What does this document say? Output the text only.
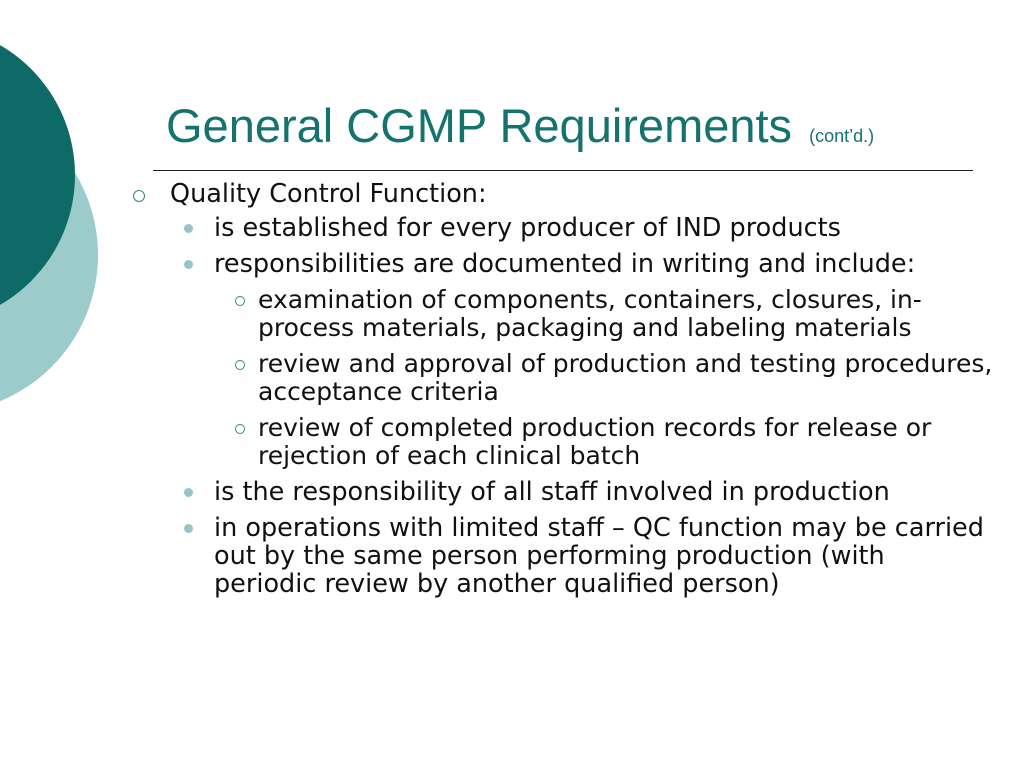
General CGMP Requirements (cont’d.)
Quality Control Function:
is established for every producer of IND products
responsibilities are documented in writing and include:
examination of components, containers, closures, in-process materials, packaging and labeling materials
review and approval of production and testing procedures, acceptance criteria
review of completed production records for release or rejection of each clinical batch
is the responsibility of all staff involved in production
in operations with limited staff – QC function may be carried out by the same person performing production (with periodic review by another qualified person)
